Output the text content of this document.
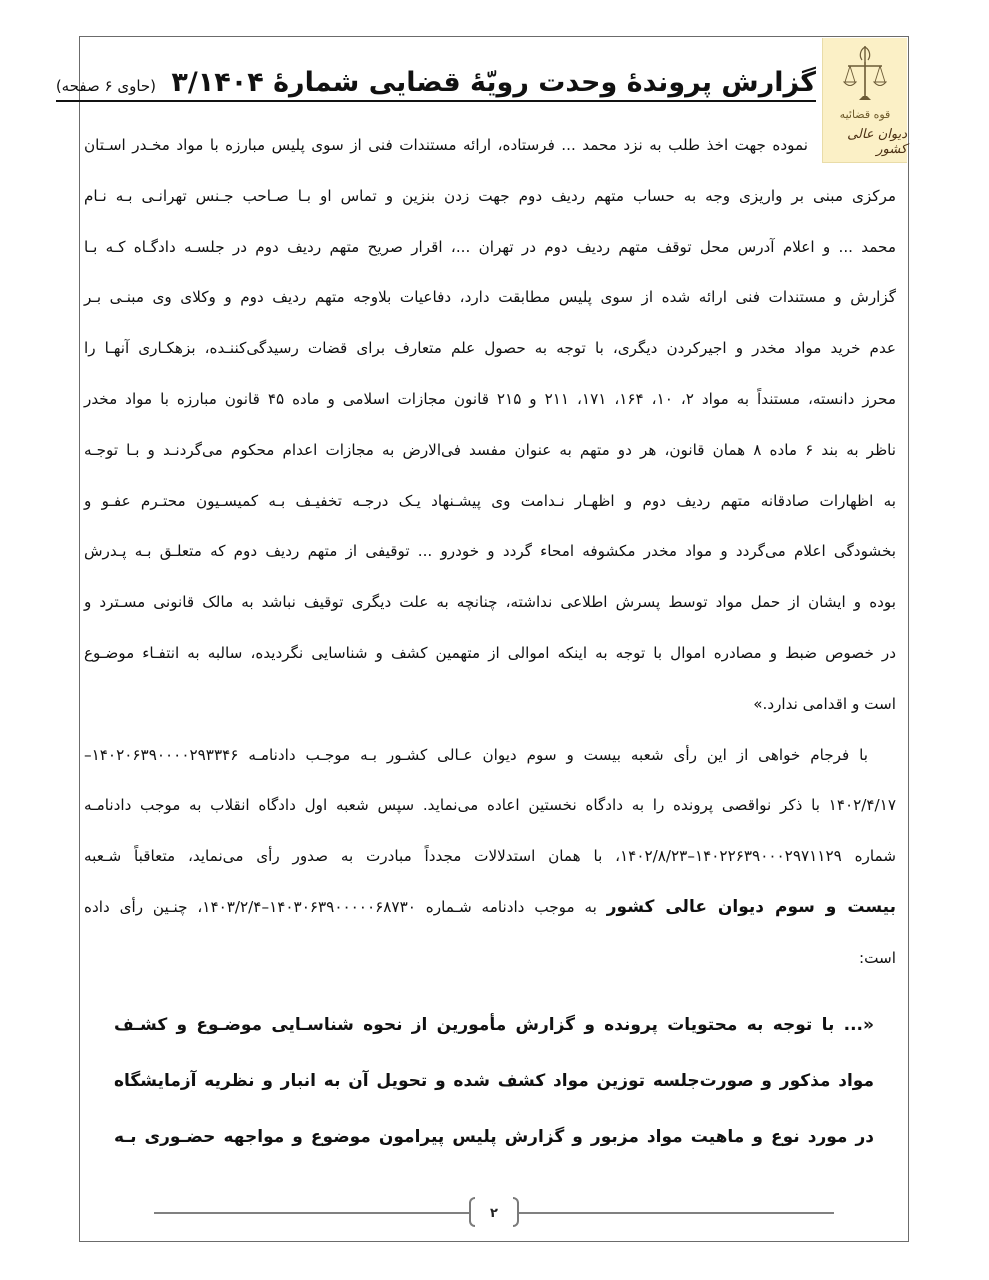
قوه قضائیه
دیوان عالی کشور
گزارش پروندهٔ وحدت رویّهٔ قضایی شمارهٔ ۳/۱۴۰۴ (حاوی ۶ صفحه)
نموده جهت اخذ طلب به نزد محمد ... فرستاده، ارائه مستندات فنی از سوی پلیس مبارزه با مواد مخـدر اسـتان
مرکزی مبنی بر واریزی وجه به حساب متهم ردیف دوم جهت زدن بنزین و تماس او بـا صـاحب جـنس تهرانـی بـه نـام
محمد ... و اعلام آدرس محل توقف متهم ردیف دوم در تهران ...، اقرار صریح متهم ردیف دوم در جلسـه دادگـاه کـه بـا
گزارش و مستندات فنی ارائه شده از سوی پلیس مطابقت دارد، دفاعیات بلاوجه متهم ردیف دوم و وکلای وی مبنـی بـر
عدم خرید مواد مخدر و اجیرکردن دیگری، با توجه به حصول علم متعارف برای قضات رسیدگی‌کننـده، بزهکـاری آنهـا را
محرز دانسته، مستنداً به مواد ۲، ۱۰، ۱۶۴، ۱۷۱، ۲۱۱ و ۲۱۵ قانون مجازات اسلامی و ماده ۴۵ قانون مبارزه با مواد مخدر
ناظر به بند ۶ ماده ۸ همان قانون، هر دو متهم به عنوان مفسد فی‌الارض به مجازات اعدام محکوم می‌گردنـد و بـا توجـه
به اظهارات صادقانه متهم ردیف دوم و اظهـار نـدامت وی پیشـنهاد یـک درجـه تخفیـف بـه کمیسـیون محتـرم عفـو و
بخشودگی اعلام می‌گردد و مواد مخدر مکشوفه امحاء گردد و خودرو ... توقیفی از متهم ردیف دوم که متعلـق بـه پـدرش
بوده و ایشان از حمل مواد توسط پسرش اطلاعی نداشته، چنانچه به علت دیگری توقیف نباشد به مالک قانونی مسـترد و
در خصوص ضبط و مصادره اموال با توجه به اینکه اموالی از متهمین کشف و شناسایی نگردیده، سالبه به انتفـاء موضـوع
است و اقدامی ندارد.»
با فرجام خواهی از این رأی شعبه بیست و سوم دیوان عـالی کشـور بـه موجـب دادنامـه ۱۴۰۲۰۶۳۹۰۰۰۰۲۹۳۳۴۶–
۱۴۰۲/۴/۱۷ با ذکر نواقصی پرونده را به دادگاه نخستین اعاده می‌نماید. سپس شعبه اول دادگاه انقلاب به موجب دادنامـه
شماره ۱۴۰۲۲۶۳۹۰۰۰۲۹۷۱۱۲۹–۱۴۰۲/۸/۲۳، با همان استدلالات مجدداً مبادرت به صدور رأی می‌نماید، متعاقباً شـعبه
بیست و سوم دیوان عالی کشور به موجب دادنامه شـماره ۱۴۰۳۰۶۳۹۰۰۰۰۰۶۸۷۳۰–۱۴۰۳/۲/۴، چنـین رأی داده
است:
«... با توجه به محتویات پرونده و گزارش مأمورین از نحوه شناسـایی موضـوع و کشـف
مواد مذکور و صورت‌جلسه توزین مواد کشف شده و تحویل آن به انبار و نظریه آزمایشگاه
در مورد نوع و ماهیت مواد مزبور و گزارش پلیس پیرامون موضوع و مواجهه حضـوری بـه
۲
